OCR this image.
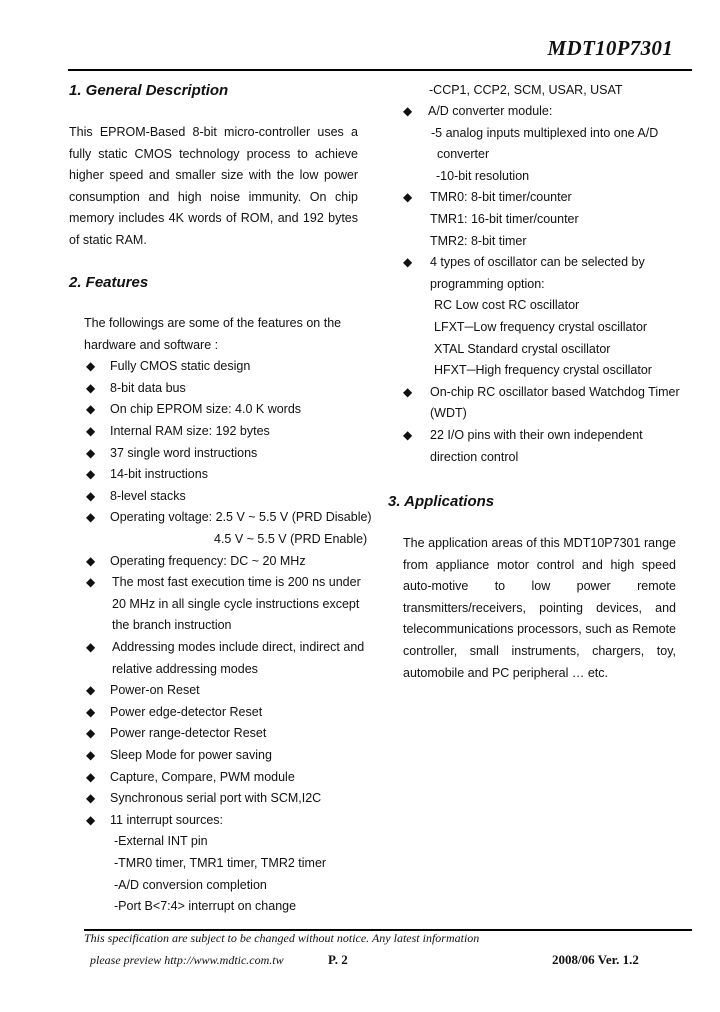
MDT10P7301
1. General Description
This EPROM-Based 8-bit micro-controller uses a fully static CMOS technology process to achieve higher speed and smaller size with the low power consumption and high noise immunity. On chip memory includes 4K words of ROM, and 192 bytes of static RAM.
2. Features
The followings are some of the features on the
hardware and software :
◆ Fully CMOS static design
◆ 8-bit data bus
◆ On chip EPROM size: 4.0 K words
◆ Internal RAM size: 192 bytes
◆ 37 single word instructions
◆ 14-bit instructions
◆ 8-level stacks
◆ Operating voltage: 2.5 V ~ 5.5 V (PRD Disable)
4.5 V ~ 5.5 V (PRD Enable)
◆ Operating frequency: DC ~ 20 MHz
◆ The most fast execution time is 200 ns under
20 MHz in all single cycle instructions except
the branch instruction
◆ Addressing modes include direct, indirect and
relative addressing modes
◆ Power-on Reset
◆ Power edge-detector Reset
◆ Power range-detector Reset
◆ Sleep Mode for power saving
◆ Capture, Compare, PWM module
◆ Synchronous serial port with SCM,I2C
◆ 11 interrupt sources:
-External INT pin
-TMR0 timer, TMR1 timer, TMR2 timer
-A/D conversion completion
-Port B<7:4> interrupt on change
-CCP1, CCP2, SCM, USAR, USAT
◆ A/D converter module:
-5 analog inputs multiplexed into one A/D
converter
-10-bit resolution
◆ TMR0: 8-bit timer/counter
TMR1: 16-bit timer/counter
TMR2: 8-bit timer
◆ 4 types of oscillator can be selected by
programming option:
RC Low cost RC oscillator
LFXT─Low frequency crystal oscillator
XTAL Standard crystal oscillator
HFXT─High frequency crystal oscillator
◆ On-chip RC oscillator based Watchdog Timer
(WDT)
◆ 22 I/O pins with their own independent
direction control
3. Applications
The application areas of this MDT10P7301 range from appliance motor control and high speed auto-motive to low power remote transmitters/receivers, pointing devices, and telecommunications processors, such as Remote controller, small instruments, chargers, toy, automobile and PC peripheral … etc.
This specification are subject to be changed without notice. Any latest information
please preview http://www.mdtic.com.tw	P. 2	2008/06 Ver. 1.2
